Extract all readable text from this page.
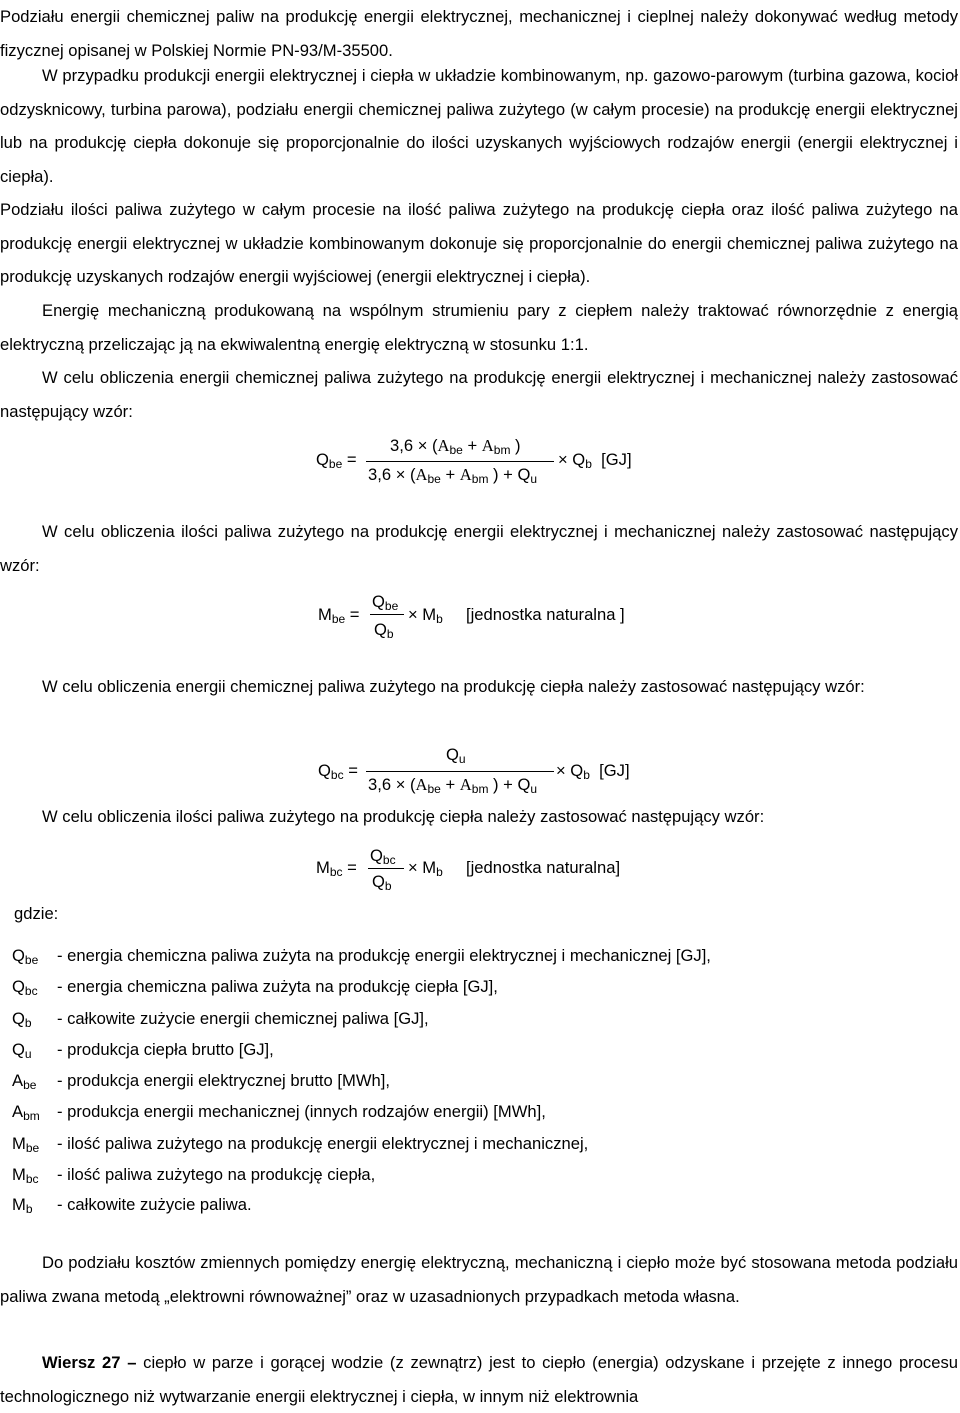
Podziału energii chemicznej paliw na produkcję energii elektrycznej, mechanicznej i cieplnej należy dokonywać według metody fizycznej opisanej w Polskiej Normie PN-93/M-35500.

W przypadku produkcji energii elektrycznej i ciepła w układzie kombinowanym, np. gazowo-parowym (turbina gazowa, kocioł odzysknicowy, turbina parowa), podziału energii chemicznej paliwa zużytego (w całym procesie) na produkcję energii elektrycznej lub na produkcję ciepła dokonuje się proporcjonalnie do ilości uzyskanych wyjściowych rodzajów energii (energii elektrycznej i ciepła).

Podziału ilości paliwa zużytego w całym procesie na ilość paliwa zużytego na produkcję ciepła oraz ilość paliwa zużytego na produkcję energii elektrycznej w układzie kombinowanym dokonuje się proporcjonalnie do energii chemicznej paliwa zużytego na produkcję uzyskanych rodzajów energii wyjściowej (energii elektrycznej i ciepła).

Energię mechaniczną produkowaną na wspólnym strumieniu pary z ciepłem należy traktować równorzędnie z energią elektryczną przeliczając ją na ekwiwalentną energię elektryczną w stosunku 1:1.

W celu obliczenia energii chemicznej paliwa zużytego na produkcję energii elektrycznej i mechanicznej należy zastosować następujący wzór:

$Q_{be}$ =
$3,6 \times (A_{be} + A_{bm}$ )
$3,6 \times (A_{be} + A_{bm}$ ) + $Q_u$
× $Q_b$ [GJ]

W celu obliczenia ilości paliwa zużytego na produkcję energii elektrycznej i mechanicznej należy zastosować następujący wzór:

$M_{be}$ =
$Q_{be}$
$Q_b$
× $M_b$ [jednostka naturalna ]

W celu obliczenia energii chemicznej paliwa zużytego na produkcję ciepła należy zastosować następujący wzór:

$Q_{bc}$ =
$Q_u$
$3,6 \times (A_{be} + A_{bm}$ ) + $Q_u$
× $Q_b$ [GJ]

W celu obliczenia ilości paliwa zużytego na produkcję ciepła należy zastosować następujący wzór:

$M_{bc}$ =
$Q_{bc}$
$Q_b$
× $M_b$ [jednostka naturalna]
gdzie:
$Q_{be}$ - energia chemiczna paliwa zużyta na produkcję energii elektrycznej i mechanicznej [GJ],
$Q_{bc}$ - energia chemiczna paliwa zużyta na produkcję ciepła [GJ],
$Q_b$ - całkowite zużycie energii chemicznej paliwa [GJ],
$Q_u$ - produkcja ciepła brutto [GJ],
$A_{be}$ - produkcja energii elektrycznej brutto [MWh],
$A_{bm}$ - produkcja energii mechanicznej (innych rodzajów energii) [MWh],
$M_{be}$ - ilość paliwa zużytego na produkcję energii elektrycznej i mechanicznej,
$M_{bc}$ - ilość paliwa zużytego na produkcję ciepła,
$M_b$ - całkowite zużycie paliwa.

Do podziału kosztów zmiennych pomiędzy energię elektryczną, mechaniczną i ciepło może być stosowana metoda podziału paliwa zwana metodą „elektrowni równoważnej” oraz w uzasadnionych przypadkach metoda własna.

Wiersz 27 – ciepło w parze i gorącej wodzie (z zewnątrz) jest to ciepło (energia) odzyskane i przejęte z innego procesu technologicznego niż wytwarzanie energii elektrycznej i ciepła, w innym niż elektrownia
